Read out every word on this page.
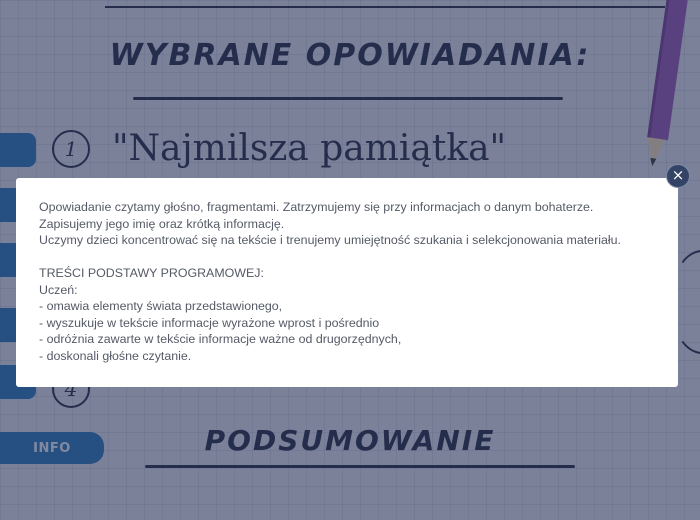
Opowiadanie czytamy głośno, fragmentami. Zatrzymujemy się przy informacjach o danym bohaterze. Zapisujemy jego imię oraz krótką informację.

Uczymy dzieci koncentrować się na tekście i trenujemy umiejętność szukania i selekcjonowania materiału.

TREŚCI PODSTAWY PROGRAMOWEJ:

Uczeń:

- omawia elementy świata przedstawionego,

- wyszukuje w tekście informacje wyrażone wprost i pośrednio

- odróżnia zawarte w tekście informacje ważne od drugorzędnych,

- doskonali głośne czytanie.

×
